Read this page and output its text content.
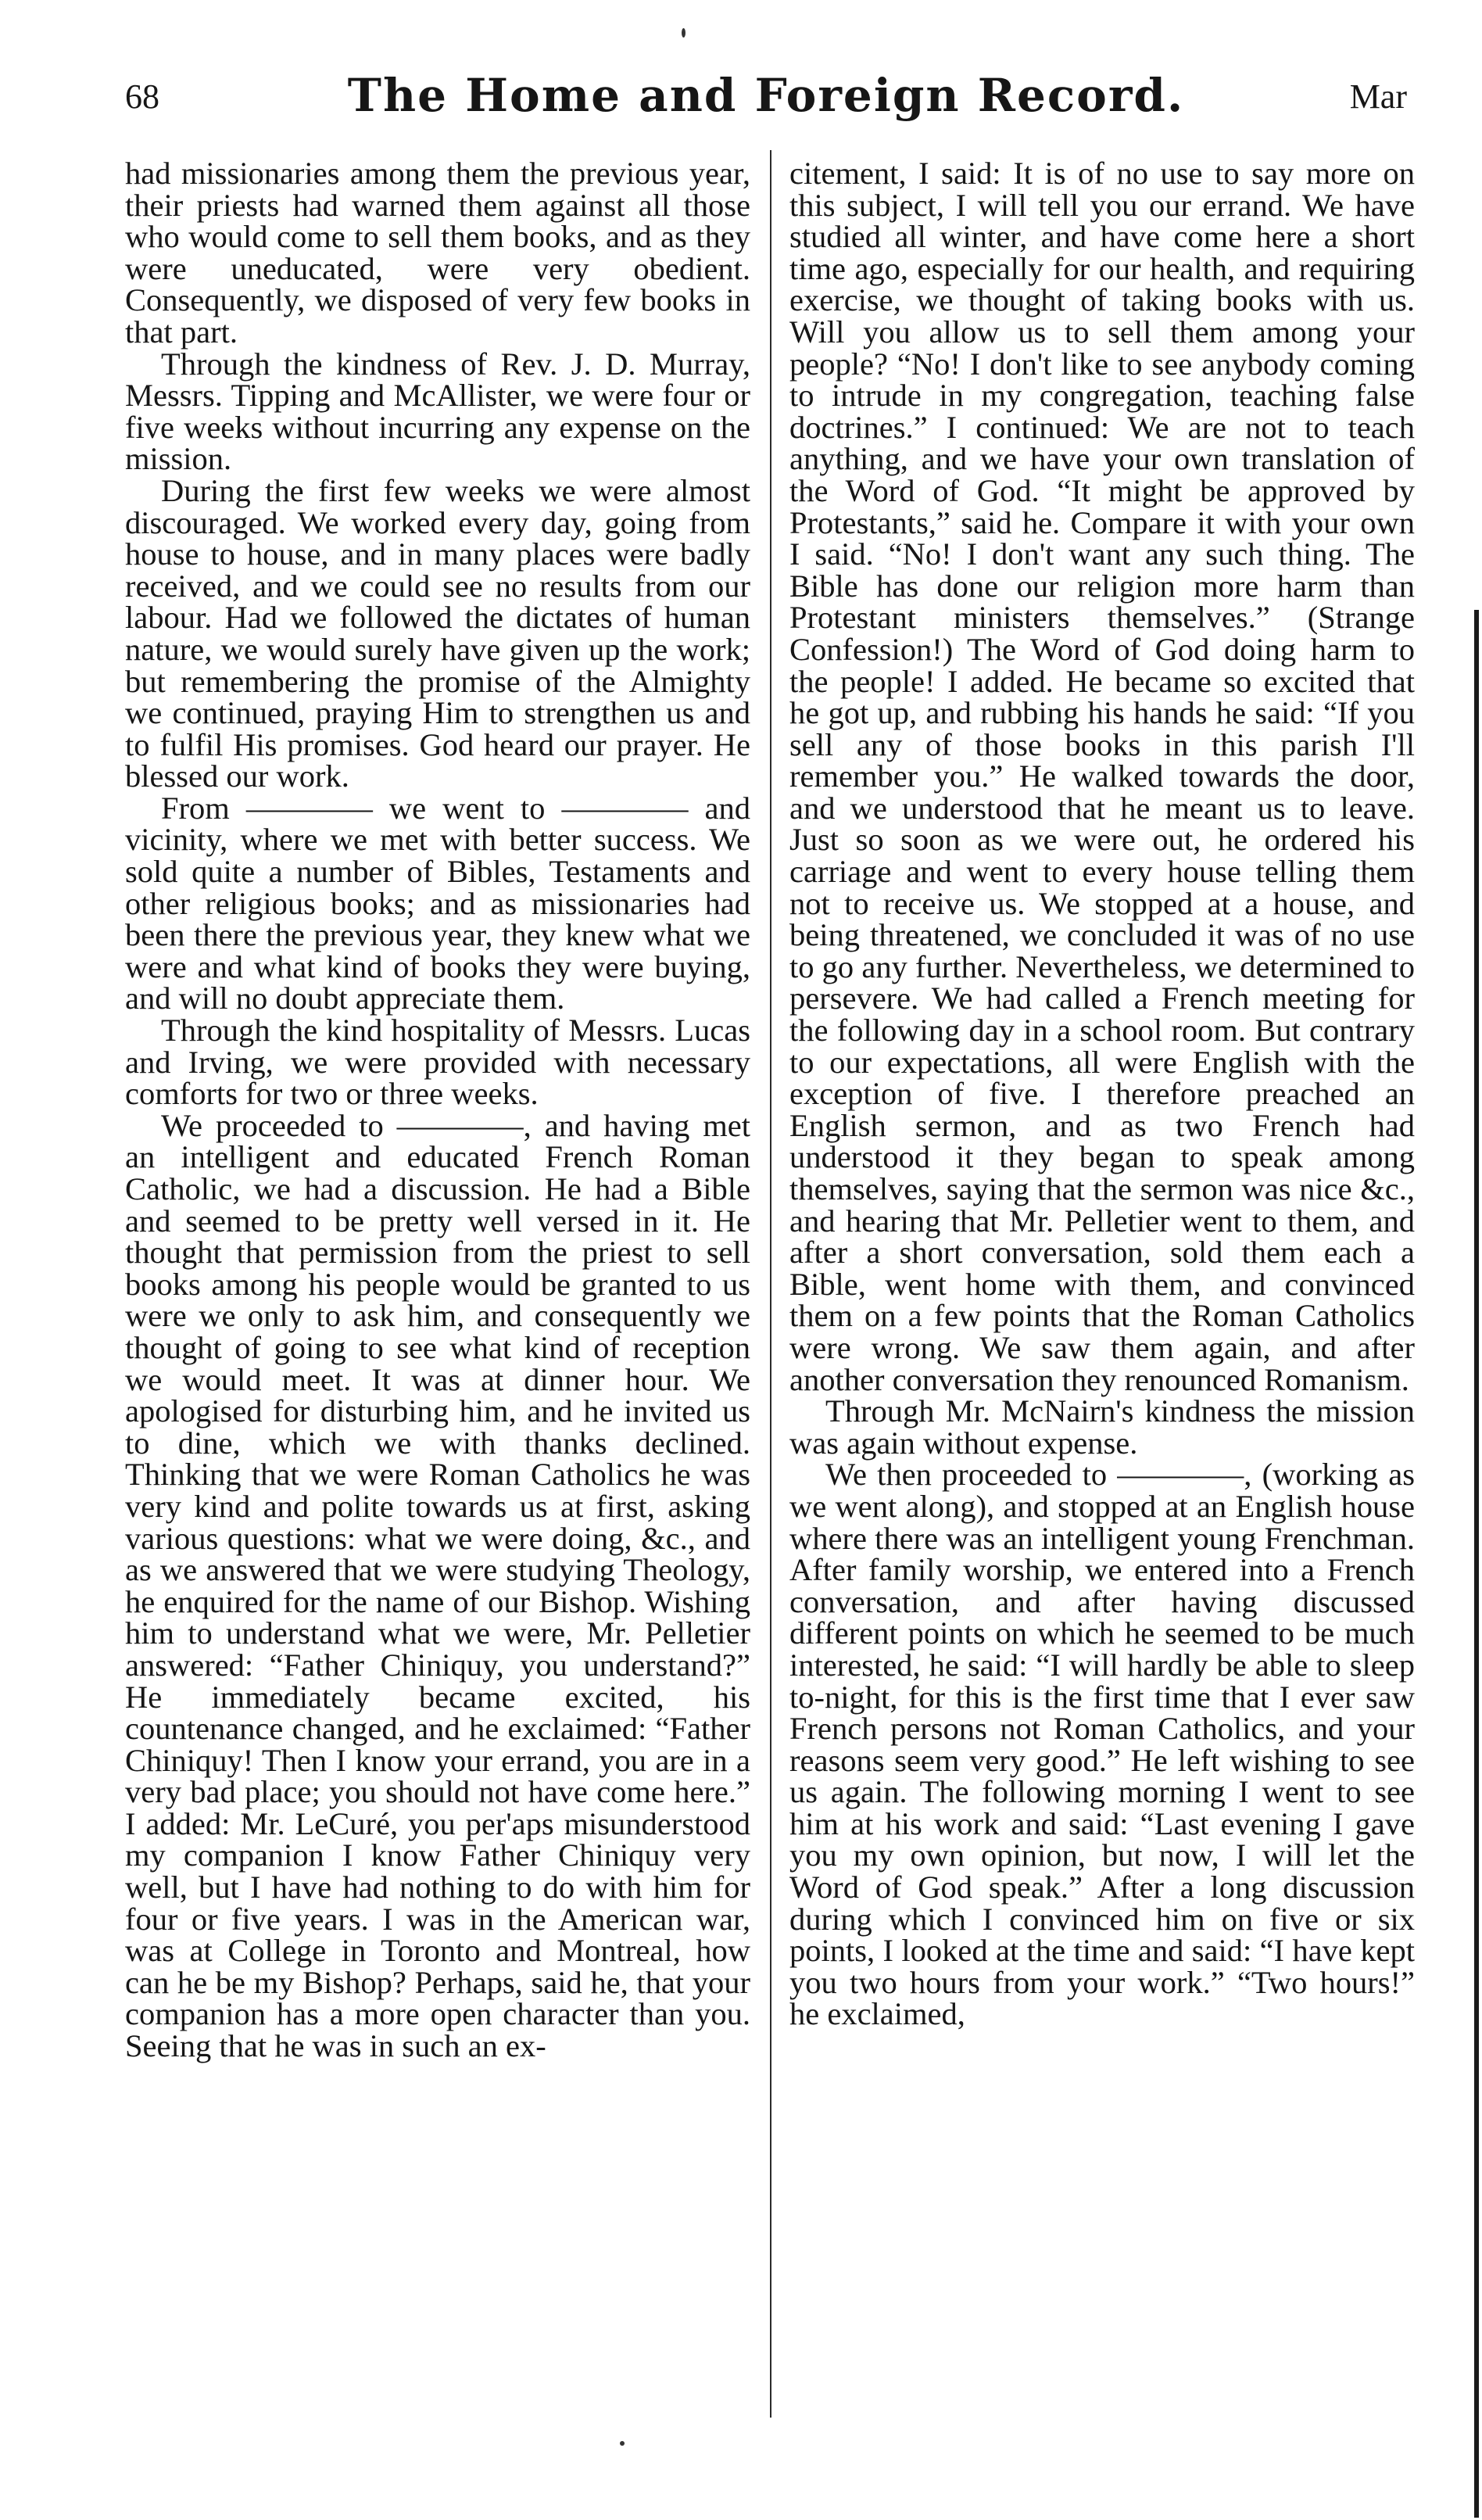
68	The Home and Foreign Record.	Mar

had missionaries among them the previous year, their priests had warned them against all those who would come to sell them books, and as they were uneducated, were very obedient. Consequently, we disposed of very few books in that part.

Through the kindness of Rev. J. D. Murray, Messrs. Tipping and McAllister, we were four or five weeks without incurring any expense on the mission.

During the first few weeks we were almost discouraged. We worked every day, going from house to house, and in many places were badly received, and we could see no results from our labour. Had we followed the dictates of human nature, we would surely have given up the work; but remembering the promise of the Almighty we continued, praying Him to strengthen us and to fulfil His promises. God heard our prayer. He blessed our work.

From ———— we went to ———— and vicinity, where we met with better success. We sold quite a number of Bibles, Testaments and other religious books; and as missionaries had been there the previous year, they knew what we were and what kind of books they were buying, and will no doubt appreciate them.

Through the kind hospitality of Messrs. Lucas and Irving, we were provided with necessary comforts for two or three weeks.

We proceeded to ————, and having met an intelligent and educated French Roman Catholic, we had a discussion. He had a Bible and seemed to be pretty well versed in it. He thought that permission from the priest to sell books among his people would be granted to us were we only to ask him, and consequently we thought of going to see what kind of reception we would meet. It was at dinner hour. We apologised for disturbing him, and he invited us to dine, which we with thanks declined. Thinking that we were Roman Catholics he was very kind and polite towards us at first, asking various questions: what we were doing, &c., and as we answered that we were studying Theology, he enquired for the name of our Bishop. Wishing him to understand what we were, Mr. Pelletier answered: “Father Chiniquy, you understand?” He immediately became excited, his countenance changed, and he exclaimed: “Father Chiniquy! Then I know your errand, you are in a very bad place; you should not have come here.” I added: Mr. LeCuré, you per'aps misunderstood my companion I know Father Chiniquy very well, but I have had nothing to do with him for four or five years. I was in the American war, was at College in Toronto and Montreal, how can he be my Bishop? Perhaps, said he, that your companion has a more open character than you. Seeing that he was in such an ex-

citement, I said: It is of no use to say more on this subject, I will tell you our errand. We have studied all winter, and have come here a short time ago, especially for our health, and requiring exercise, we thought of taking books with us. Will you allow us to sell them among your people? “No! I don't like to see anybody coming to intrude in my congregation, teaching false doctrines.” I continued: We are not to teach anything, and we have your own translation of the Word of God. “It might be approved by Protestants,” said he. Compare it with your own I said. “No! I don't want any such thing. The Bible has done our religion more harm than Protestant ministers themselves.” (Strange Confession!) The Word of God doing harm to the people! I added. He became so excited that he got up, and rubbing his hands he said: “If you sell any of those books in this parish I'll remember you.” He walked towards the door, and we understood that he meant us to leave. Just so soon as we were out, he ordered his carriage and went to every house telling them not to receive us. We stopped at a house, and being threatened, we concluded it was of no use to go any further. Nevertheless, we determined to persevere. We had called a French meeting for the following day in a school room. But contrary to our expectations, all were English with the exception of five. I therefore preached an English sermon, and as two French had understood it they began to speak among themselves, saying that the sermon was nice &c., and hearing that Mr. Pelletier went to them, and after a short conversation, sold them each a Bible, went home with them, and convinced them on a few points that the Roman Catholics were wrong. We saw them again, and after another conversation they renounced Romanism.

Through Mr. McNairn's kindness the mission was again without expense.

We then proceeded to ————, (working as we went along), and stopped at an English house where there was an intelligent young Frenchman. After family worship, we entered into a French conversation, and after having discussed different points on which he seemed to be much interested, he said: “I will hardly be able to sleep to-night, for this is the first time that I ever saw French persons not Roman Catholics, and your reasons seem very good.” He left wishing to see us again. The following morning I went to see him at his work and said: “Last evening I gave you my own opinion, but now, I will let the Word of God speak.” After a long discussion during which I convinced him on five or six points, I looked at the time and said: “I have kept you two hours from your work.” “Two hours!” he exclaimed,
